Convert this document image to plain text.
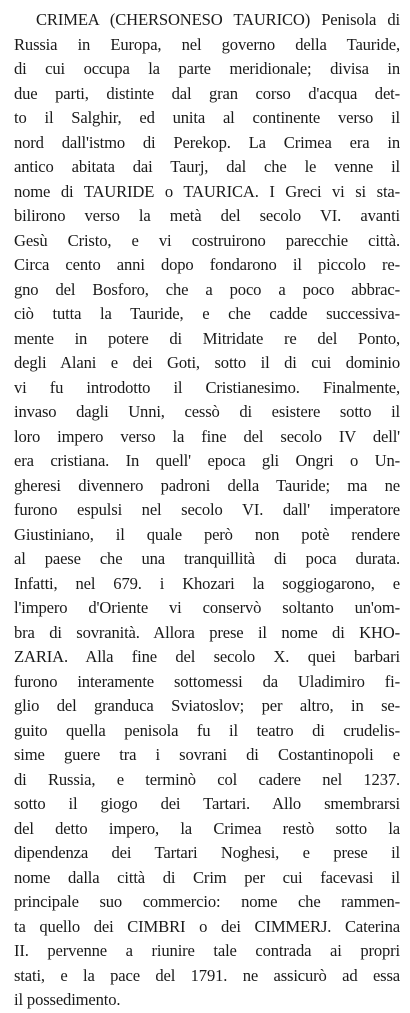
CRIMEA (CHERSONESO TAURICO) Penisola di
Russia in Europa, nel governo della Tauride,
di cui occupa la parte meridionale; divisa in
due parti, distinte dal gran corso d'acqua det-
to il Salghir, ed unita al continente verso il
nord dall'istmo di Perekop. La Crimea era in
antico abitata dai Taurj, dal che le venne il
nome di TAURIDE o TAURICA. I Greci vi si sta-
bilirono verso la metà del secolo VI. avanti
Gesù Cristo, e vi costruirono parecchie città.
Circa cento anni dopo fondarono il piccolo re-
gno del Bosforo, che a poco a poco abbrac-
ciò tutta la Tauride, e che cadde successiva-
mente in potere di Mitridate re del Ponto,
degli Alani e dei Goti, sotto il di cui dominio
vi fu introdotto il Cristianesimo. Finalmente,
invaso dagli Unni, cessò di esistere sotto il
loro impero verso la fine del secolo IV dell'
era cristiana. In quell' epoca gli Ongri o Un-
gheresi divennero padroni della Tauride; ma ne
furono espulsi nel secolo VI. dall' imperatore
Giustiniano, il quale però non potè rendere
al paese che una tranquillità di poca durata.
Infatti, nel 679. i Khozari la soggiogarono, e
l'impero d'Oriente vi conservò soltanto un'om-
bra di sovranità. Allora prese il nome di KHO-
ZARIA. Alla fine del secolo X. quei barbari
furono interamente sottomessi da Uladimiro fi-
glio del granduca Sviatoslov; per altro, in se-
guito quella penisola fu il teatro di crudelis-
sime guere tra i sovrani di Costantinopoli e
di Russia, e terminò col cadere nel 1237.
sotto il giogo dei Tartari. Allo smembrarsi
del detto impero, la Crimea restò sotto la
dipendenza dei Tartari Noghesi, e prese il
nome dalla città di Crim per cui facevasi il
principale suo commercio: nome che rammen-
ta quello dei CIMBRI o dei CIMMERJ. Caterina
II. pervenne a riunire tale contrada ai propri
stati, e la pace del 1791. ne assicurò ad essa
il possedimento.
